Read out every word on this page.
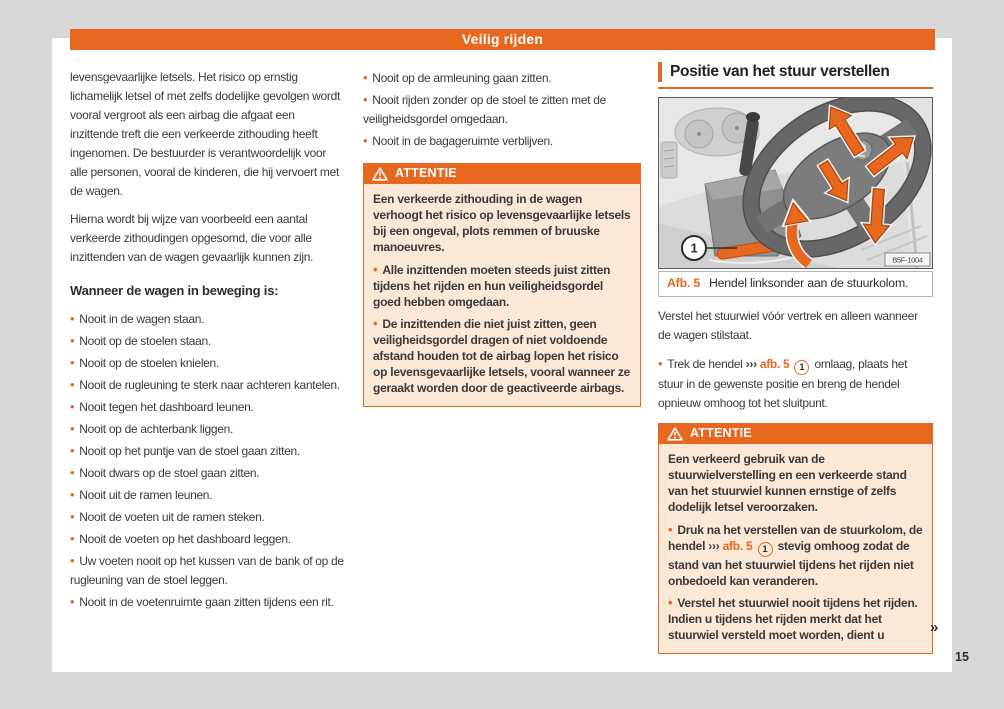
Veilig rijden

levensgevaarlijke letsels. Het risico op ernstig lichamelijk letsel of met zelfs dodelijke gevolgen wordt vooral vergroot als een airbag die afgaat een inzittende treft die een verkeerde zithouding heeft ingenomen. De bestuurder is verantwoordelijk voor alle personen, vooral de kinderen, die hij vervoert met de wagen.

Hierna wordt bij wijze van voorbeeld een aantal verkeerde zithoudingen opgesomd, die voor alle inzittenden van de wagen gevaarlijk kunnen zijn.

Wanneer de wagen in beweging is:
• Nooit in de wagen staan.
• Nooit op de stoelen staan.
• Nooit op de stoelen knielen.
• Nooit de rugleuning te sterk naar achteren kantelen.
• Nooit tegen het dashboard leunen.
• Nooit op de achterbank liggen.
• Nooit op het puntje van de stoel gaan zitten.
• Nooit dwars op de stoel gaan zitten.
• Nooit uit de ramen leunen.
• Nooit de voeten uit de ramen steken.
• Nooit de voeten op het dashboard leggen.
• Uw voeten nooit op het kussen van de bank of op de rugleuning van de stoel leggen.
• Nooit in de voetenruimte gaan zitten tijdens een rit.
• Nooit op de armleuning gaan zitten.
• Nooit rijden zonder op de stoel te zitten met de veiligheidsgordel omgedaan.
• Nooit in de bagageruimte verblijven.
ATTENTIE

Een verkeerde zithouding in de wagen verhoogt het risico op levensgevaarlijke letsels bij een ongeval, plots remmen of bruuske manoeuvres.

• Alle inzittenden moeten steeds juist zitten tijdens het rijden en hun veiligheidsgordel goed hebben omgedaan.
• De inzittenden die niet juist zitten, geen veiligheidsgordel dragen of niet voldoende afstand houden tot de airbag lopen het risico op levensgevaarlijke letsels, vooral wanneer ze geraakt worden door de geactiveerde airbags.
Positie van het stuur verstellen
1
B5F-1004
Afb. 5 Hendel linksonder aan de stuurkolom.

Verstel het stuurwiel vóór vertrek en alleen wanneer de wagen stilstaat.

• Trek de hendel ››› afb. 5 1 omlaag, plaats het stuur in de gewenste positie en breng de hendel opnieuw omhoog tot het sluitpunt.
ATTENTIE

Een verkeerd gebruik van de stuurwielverstelling en een verkeerde stand van het stuurwiel kunnen ernstige of zelfs dodelijk letsel veroorzaken.

• Druk na het verstellen van de stuurkolom, de hendel ››› afb. 5 1 stevig omhoog zodat de stand van het stuurwiel tijdens het rijden niet onbedoeld kan veranderen.
• Verstel het stuurwiel nooit tijdens het rijden. Indien u tijdens het rijden merkt dat het stuurwiel versteld moet worden, dient u	»
15
